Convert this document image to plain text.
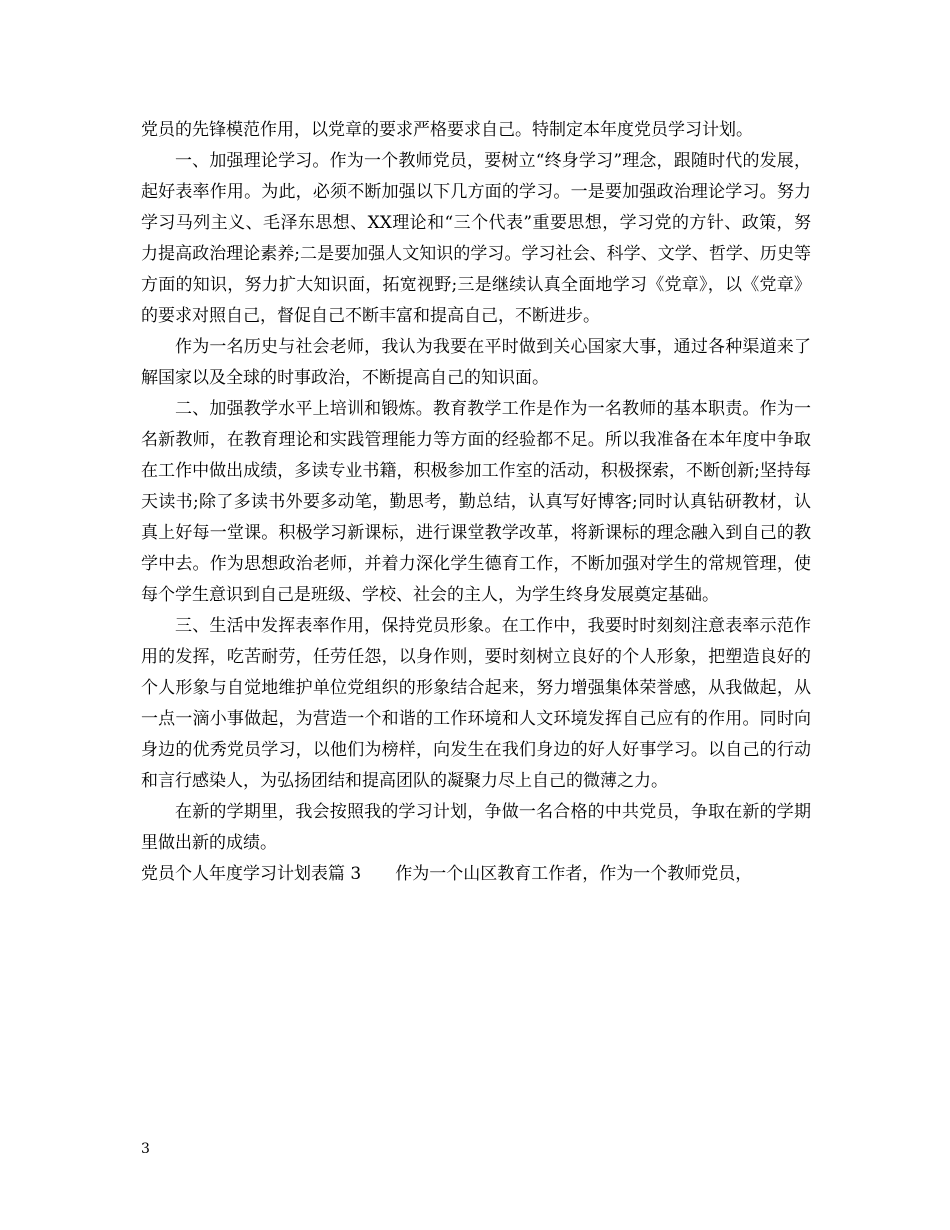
党员的先锋模范作用，以党章的要求严格要求自己。特制定本年度党员学习计划。

一、加强理论学习。作为一个教师党员，要树立“终身学习”理念，跟随时代的发展，起好表率作用。为此，必须不断加强以下几方面的学习。一是要加强政治理论学习。努力学习马列主义、毛泽东思想、XX理论和“三个代表”重要思想，学习党的方针、政策，努力提高政治理论素养;二是要加强人文知识的学习。学习社会、科学、文学、哲学、历史等方面的知识，努力扩大知识面，拓宽视野;三是继续认真全面地学习《党章》，以《党章》的要求对照自己，督促自己不断丰富和提高自己，不断进步。

作为一名历史与社会老师，我认为我要在平时做到关心国家大事，通过各种渠道来了解国家以及全球的时事政治，不断提高自己的知识面。

二、加强教学水平上培训和锻炼。教育教学工作是作为一名教师的基本职责。作为一名新教师，在教育理论和实践管理能力等方面的经验都不足。所以我准备在本年度中争取在工作中做出成绩，多读专业书籍，积极参加工作室的活动，积极探索，不断创新;坚持每天读书;除了多读书外要多动笔，勤思考，勤总结，认真写好博客;同时认真钻研教材，认真上好每一堂课。积极学习新课标，进行课堂教学改革，将新课标的理念融入到自己的教学中去。作为思想政治老师，并着力深化学生德育工作，不断加强对学生的常规管理，使每个学生意识到自己是班级、学校、社会的主人，为学生终身发展奠定基础。

三、生活中发挥表率作用，保持党员形象。在工作中，我要时时刻刻注意表率示范作用的发挥，吃苦耐劳，任劳任怨，以身作则，要时刻树立良好的个人形象，把塑造良好的个人形象与自觉地维护单位党组织的形象结合起来，努力增强集体荣誉感，从我做起，从一点一滴小事做起，为营造一个和谐的工作环境和人文环境发挥自己应有的作用。同时向身边的优秀党员学习，以他们为榜样，向发生在我们身边的好人好事学习。以自己的行动和言行感染人，为弘扬团结和提高团队的凝聚力尽上自己的微薄之力。

在新的学期里，我会按照我的学习计划，争做一名合格的中共党员，争取在新的学期里做出新的成绩。

党员个人年度学习计划表篇 3　　作为一个山区教育工作者，作为一个教师党员，

3
